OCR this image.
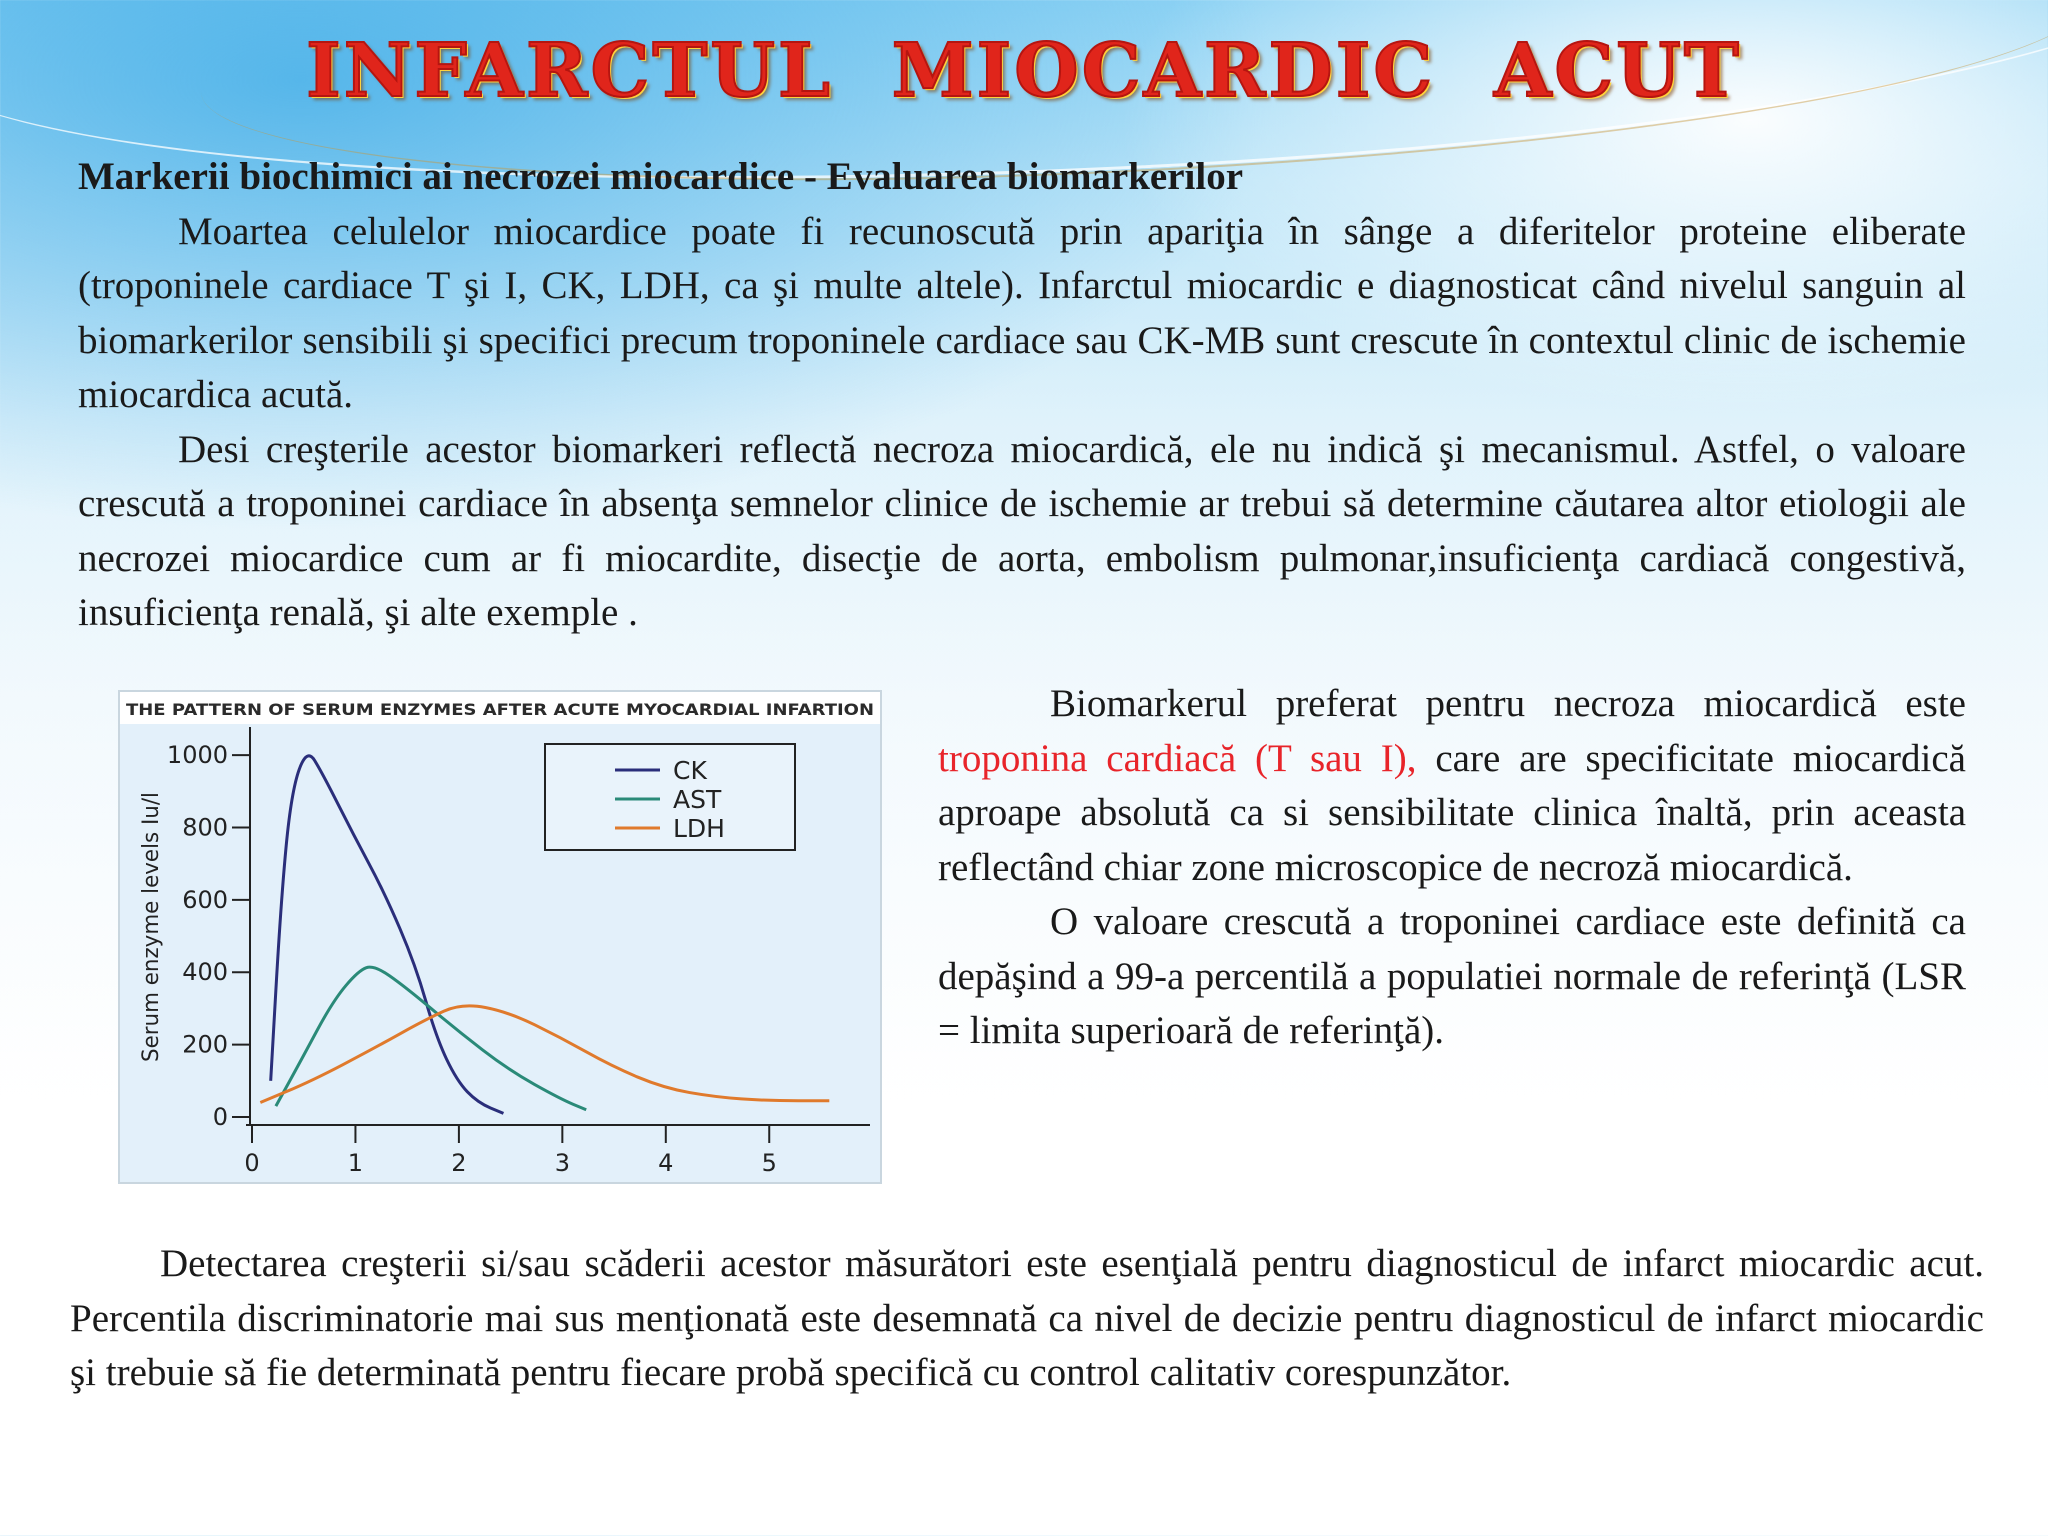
INFARCTUL MIOCARDIC ACUT
Markerii biochimici ai necrozei miocardice - Evaluarea biomarkerilor
Moartea celulelor miocardice poate fi recunoscută prin apariţia în sânge a diferitelor proteine eliberate (troponinele cardiace T şi I, CK, LDH, ca şi multe altele). Infarctul miocardic e diagnosticat când nivelul sanguin al biomarkerilor sensibili şi specifici precum troponinele cardiace sau CK-MB sunt crescute în contextul clinic de ischemie miocardica acută.
Desi creşterile acestor biomarkeri reflectă necroza miocardică, ele nu indică şi mecanismul. Astfel, o valoare crescută a troponinei cardiace în absenţa semnelor clinice de ischemie ar trebui să determine căutarea altor etiologii ale necrozei miocardice cum ar fi miocardite, disecţie de aorta, embolism pulmonar,insuficienţa cardiacă congestivă, insuficienţa renală, şi alte exemple .
THE PATTERN OF SERUM ENZYMES AFTER ACUTE MYOCARDIAL INFARTION
0
200
400
600
800
1000
0	1	2	3	4	5
Serum enzyme levels Iu/l
CK
AST
LDH
Biomarkerul preferat pentru necroza miocardică este troponina cardiacă (T sau I), care are specificitate miocardică aproape absolută ca si sensibilitate clinica înaltă, prin aceasta reflectând chiar zone microscopice de necroză miocardică.
O valoare crescută a troponinei cardiace este definită ca depăşind a 99-a percentilă a populatiei normale de referinţă (LSR = limita superioară de referinţă).
Detectarea creşterii si/sau scăderii acestor măsurători este esenţială pentru diagnosticul de infarct miocardic acut. Percentila discriminatorie mai sus menţionată este desemnată ca nivel de decizie pentru diagnosticul de infarct miocardic şi trebuie să fie determinată pentru fiecare probă specifică cu control calitativ corespunzător.
